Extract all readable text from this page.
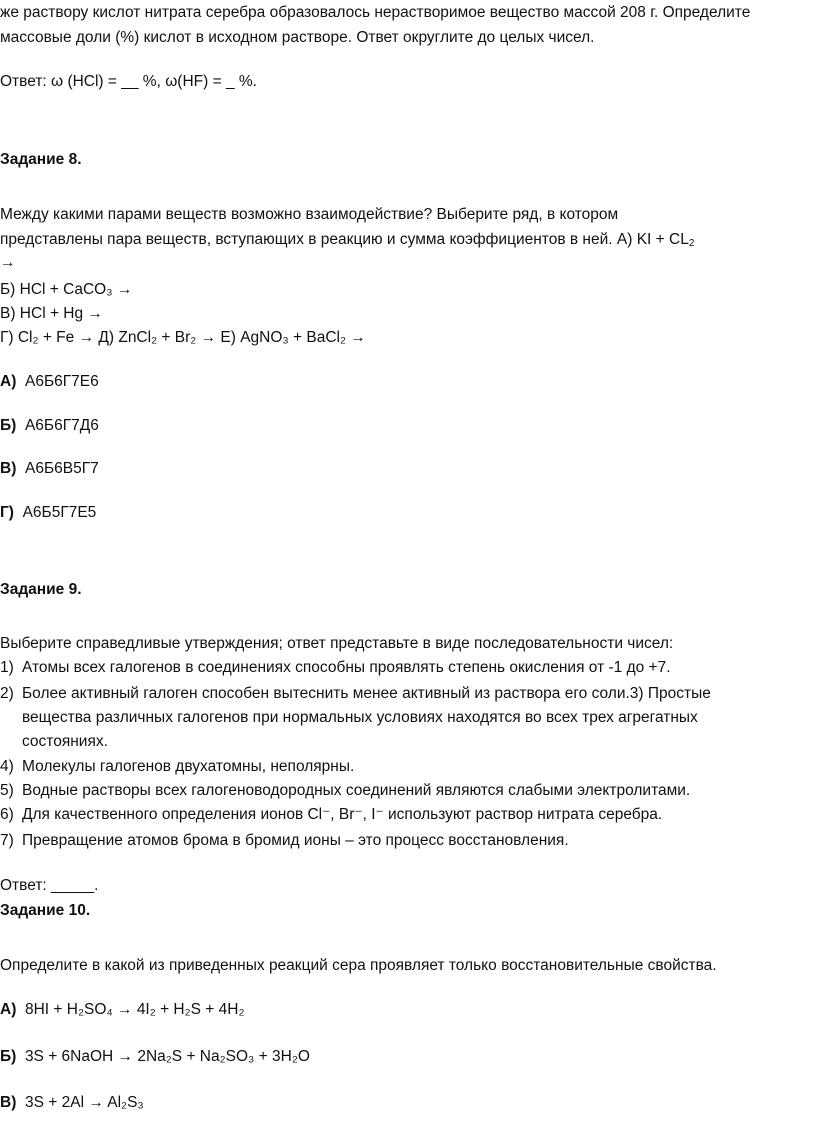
же раствору кислот нитрата серебра образовалось нерастворимое вещество массой 208 г. Определите
массовые доли (%) кислот в исходном растворе. Ответ округлите до целых чисел.
Ответ: ω (HCl) = __ %, ω(HF) = _ %.
Задание 8.
Между какими парами веществ возможно взаимодействие? Выберите ряд, в котором
представлены пара веществ, вступающих в реакцию и сумма коэффициентов в ней. А) KI + $CL_2$
→
Б) HCl + CaCO₃ →
В) HCl + Hg →
Г) Cl₂ + Fe → Д) ZnCl₂ + Br₂ → Е) AgNO₃ + BaCl₂ →
А) А6Б6Г7Е6
Б) А6Б6Г7Д6
В) А6Б6В5Г7
Г) А6Б5Г7Е5
Задание 9.
Выберите справедливые утверждения; ответ представьте в виде последовательности чисел:
1) Атомы всех галогенов в соединениях способны проявлять степень окисления от -1 до +7.
2) Более активный галоген способен вытеснить менее активный из раствора его соли.3) Простые вещества различных галогенов при нормальных условиях находятся во всех трех агрегатных состояниях.
4) Молекулы галогенов двухатомны, неполярны.
5) Водные растворы всех галогеноводородных соединений являются слабыми электролитами.
6) Для качественного определения ионов Cl⁻, Br⁻, I⁻ используют раствор нитрата серебра.
7) Превращение атомов брома в бромид ионы – это процесс восстановления.
Ответ: _____.
Задание 10.
Определите в какой из приведенных реакций сера проявляет только восстановительные свойства.
А) 8HI + H₂SO₄ → 4I₂ + H₂S + 4H₂
Б) 3S + 6NaOH → 2Na₂S + Na₂SO₃ + 3H₂O
В) 3S + 2Al → Al₂S₃
